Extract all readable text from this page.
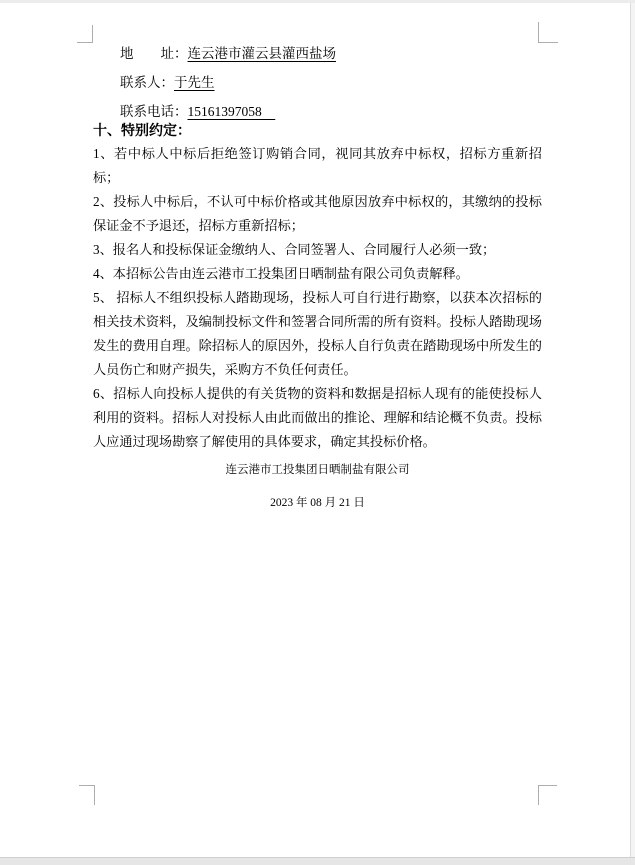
地　　址：连云港市灌云县灌西盐场
联系人：于先生
联系电话：15161397058　
十、特别约定：

1、若中标人中标后拒绝签订购销合同，视同其放弃中标权，招标方重新招标；

2、投标人中标后，不认可中标价格或其他原因放弃中标权的，其缴纳的投标保证金不予退还，招标方重新招标；

3、报名人和投标保证金缴纳人、合同签署人、合同履行人必须一致；

4、本招标公告由连云港市工投集团日晒制盐有限公司负责解释。

5、 招标人不组织投标人踏勘现场，投标人可自行进行勘察，以获本次招标的相关技术资料，及编制投标文件和签署合同所需的所有资料。投标人踏勘现场发生的费用自理。除招标人的原因外，投标人自行负责在踏勘现场中所发生的人员伤亡和财产损失，采购方不负任何责任。

6、招标人向投标人提供的有关货物的资料和数据是招标人现有的能使投标人利用的资料。招标人对投标人由此而做出的推论、理解和结论概不负责。投标人应通过现场勘察了解使用的具体要求，确定其投标价格。

连云港市工投集团日晒制盐有限公司
2023 年 08 月 21 日
